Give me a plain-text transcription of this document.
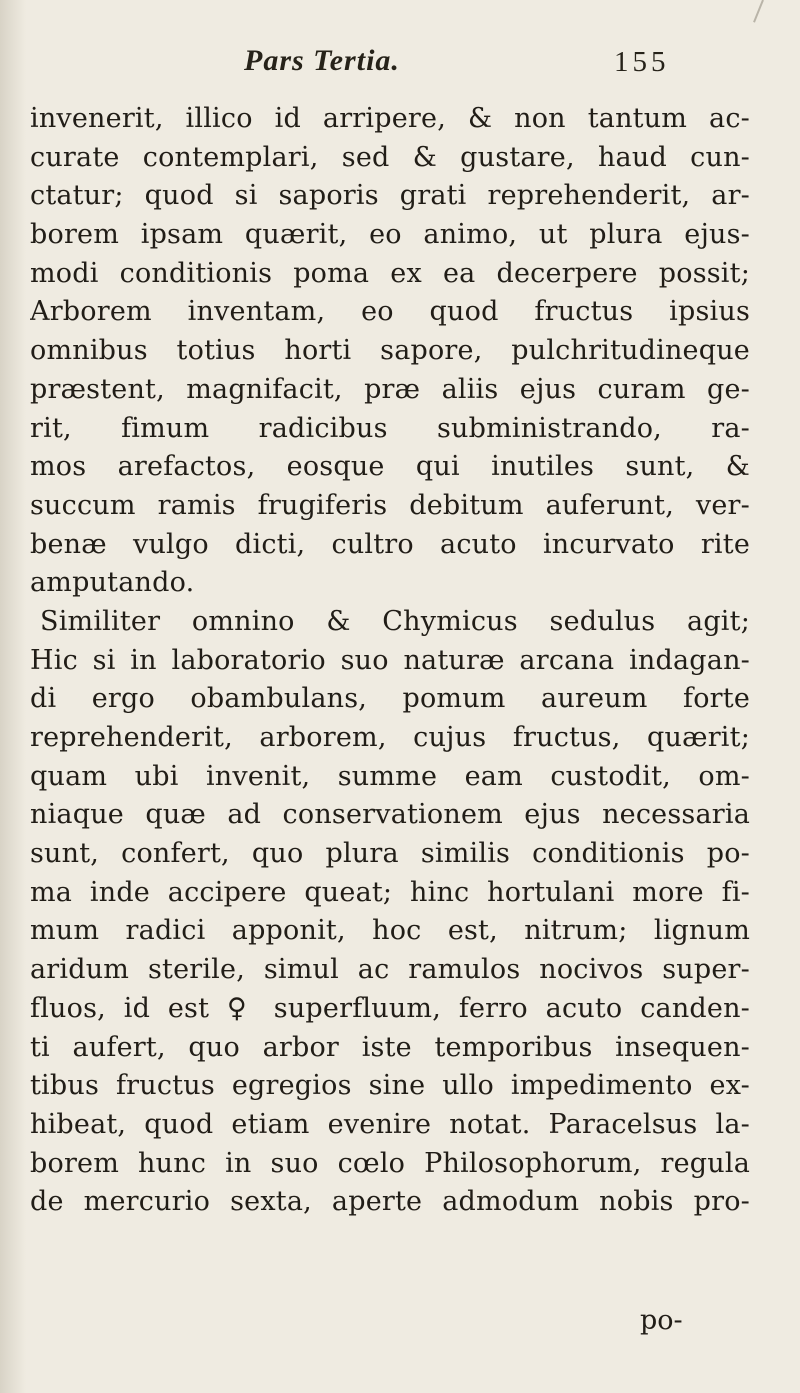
Pars Tertia.	155
invenerit, illico id arripere, & non tantum ac-
curate contemplari, sed & gustare, haud cun-
ctatur; quod si saporis grati reprehenderit, ar-
borem ipsam quærit, eo animo, ut plura ejus-
modi conditionis poma ex ea decerpere possit;
Arborem inventam, eo quod fructus ipsius
omnibus totius horti sapore, pulchritudineque
præstent, magnifacit, præ aliis ejus curam ge-
rit, fimum radicibus subministrando, ra-
mos arefactos, eosque qui inutiles sunt, &
succum ramis frugiferis debitum auferunt, ver-
benæ vulgo dicti, cultro acuto incurvato rite
amputando.
Similiter omnino & Chymicus sedulus agit;
Hic si in laboratorio suo naturæ arcana indagan-
di ergo obambulans, pomum aureum forte
reprehenderit, arborem, cujus fructus, quærit;
quam ubi invenit, summe eam custodit, om-
niaque quæ ad conservationem ejus necessaria
sunt, confert, quo plura similis conditionis po-
ma inde accipere queat; hinc hortulani more fi-
mum radici apponit, hoc est, nitrum; lignum
aridum sterile, simul ac ramulos nocivos super-
fluos, id est ♀ superfluum, ferro acuto canden-
ti aufert, quo arbor iste temporibus insequen-
tibus fructus egregios sine ullo impedimento ex-
hibeat, quod etiam evenire notat. Paracelsus la-
borem hunc in suo cœlo Philosophorum, regula
de mercurio sexta, aperte admodum nobis pro-
po-
